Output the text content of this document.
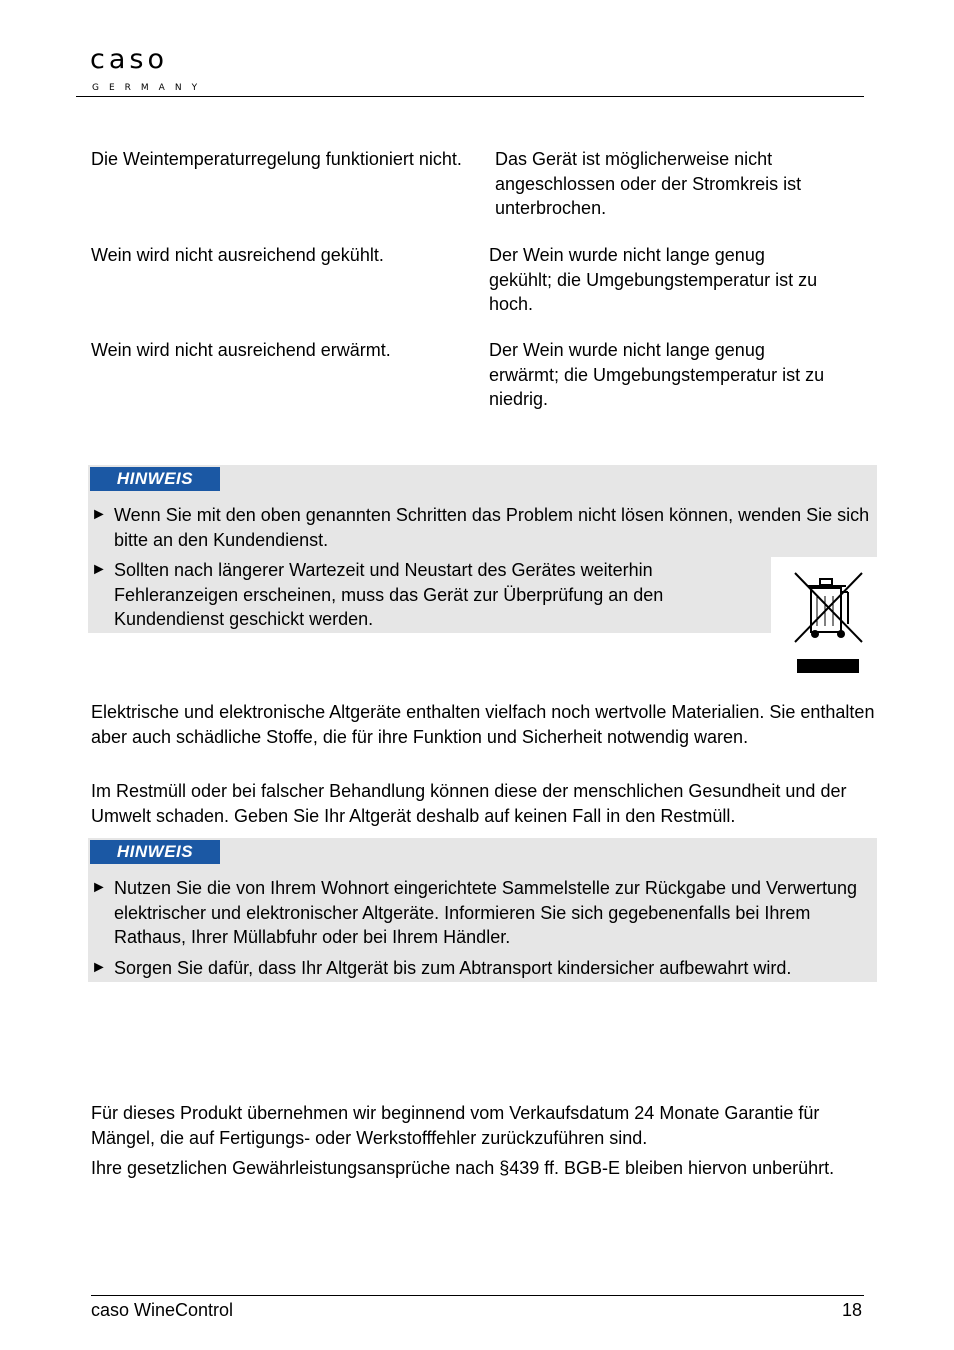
caso
GERMANY
Die Weintemperaturregelung funktioniert nicht.	Das Gerät ist möglicherweise nicht angeschlossen oder der Stromkreis ist unterbrochen.
Wein wird nicht ausreichend gekühlt.	Der Wein wurde nicht lange genug gekühlt; die Umgebungstemperatur ist zu hoch.
Wein wird nicht ausreichend erwärmt.	Der Wein wurde nicht lange genug erwärmt; die Umgebungstemperatur ist zu niedrig.
HINWEIS
► Wenn Sie mit den oben genannten Schritten das Problem nicht lösen können, wenden Sie sich bitte an den Kundendienst.
► Sollten nach längerer Wartezeit und Neustart des Gerätes weiterhin Fehleranzeigen erscheinen, muss das Gerät zur Überprüfung an den Kundendienst geschickt werden.
Elektrische und elektronische Altgeräte enthalten vielfach noch wertvolle Materialien. Sie enthalten aber auch schädliche Stoffe, die für ihre Funktion und Sicherheit notwendig waren.
Im Restmüll oder bei falscher Behandlung können diese der menschlichen Gesundheit und der Umwelt schaden. Geben Sie Ihr Altgerät deshalb auf keinen Fall in den Restmüll.
HINWEIS
► Nutzen Sie die von Ihrem Wohnort eingerichtete Sammelstelle zur Rückgabe und Verwertung elektrischer und elektronischer Altgeräte. Informieren Sie sich gegebenenfalls bei Ihrem Rathaus, Ihrer Müllabfuhr oder bei Ihrem Händler.
► Sorgen Sie dafür, dass Ihr Altgerät bis zum Abtransport kindersicher aufbewahrt wird.
Für dieses Produkt übernehmen wir beginnend vom Verkaufsdatum 24 Monate Garantie für Mängel, die auf Fertigungs- oder Werkstofffehler zurückzuführen sind.
Ihre gesetzlichen Gewährleistungsansprüche nach §439 ff. BGB-E bleiben hiervon unberührt.
caso WineControl	18
